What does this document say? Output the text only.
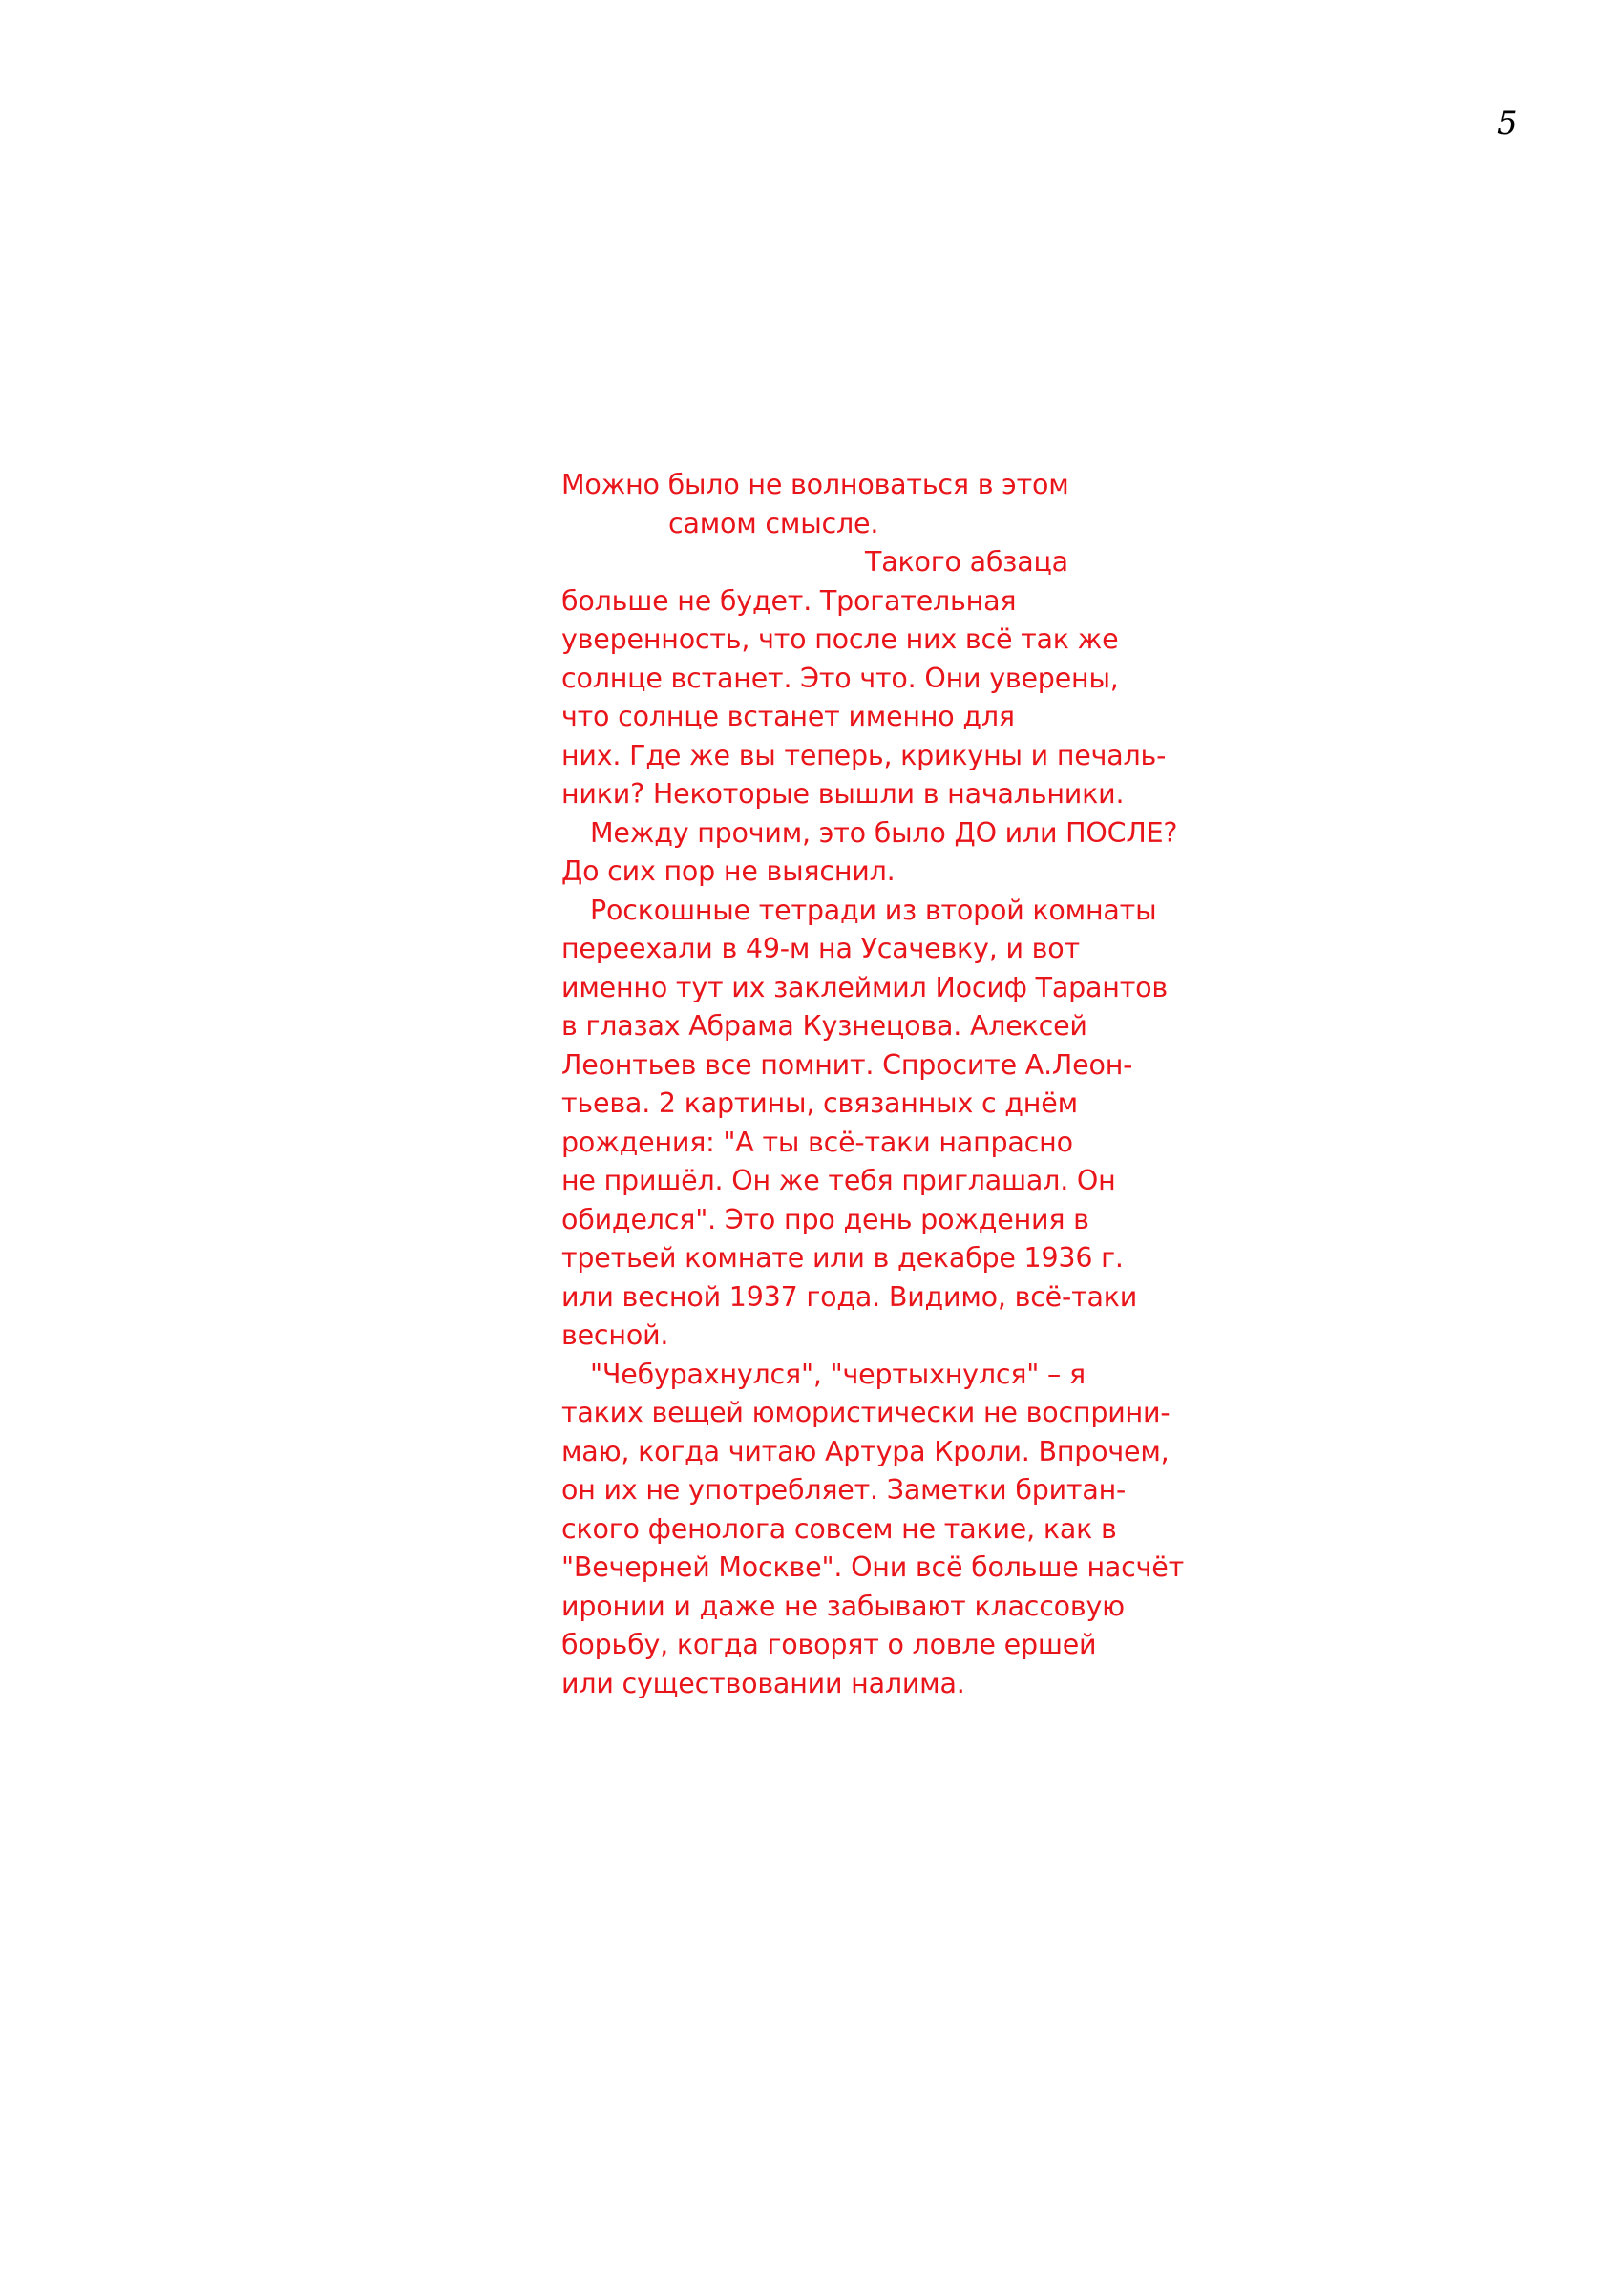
5
Можно было не волноваться в этом
самом смысле.
Такого абзаца
больше не будет. Трогательная
уверенность, что после них всё так же
солнце встанет. Это что. Они уверены,
что солнце встанет именно для
них. Где же вы теперь, крикуны и печаль-
ники? Некоторые вышли в начальники.
Между прочим, это было ДО или ПОСЛЕ?
До сих пор не выяснил.
Роскошные тетради из второй комнаты
переехали в 49-м на Усачевку, и вот
именно тут их заклеймил Иосиф Тарантов
в глазах Абрама Кузнецова. Алексей
Леонтьев все помнит. Спросите А.Леон-
тьева. 2 картины, связанных с днём
рождения: "А ты всё-таки напрасно
не пришёл. Он же тебя приглашал. Он
обиделся". Это про день рождения в
третьей комнате или в декабре 1936 г.
или весной 1937 года. Видимо, всё-таки
весной.
"Чебурахнулся", "чертыхнулся" – я
таких вещей юмористически не восприни-
маю, когда читаю Артура Кроли. Впрочем,
он их не употребляет. Заметки британ-
ского фенолога совсем не такие, как в
"Вечерней Москве". Они всё больше насчёт
иронии и даже не забывают классовую
борьбу, когда говорят о ловле ершей
или существовании налима.
